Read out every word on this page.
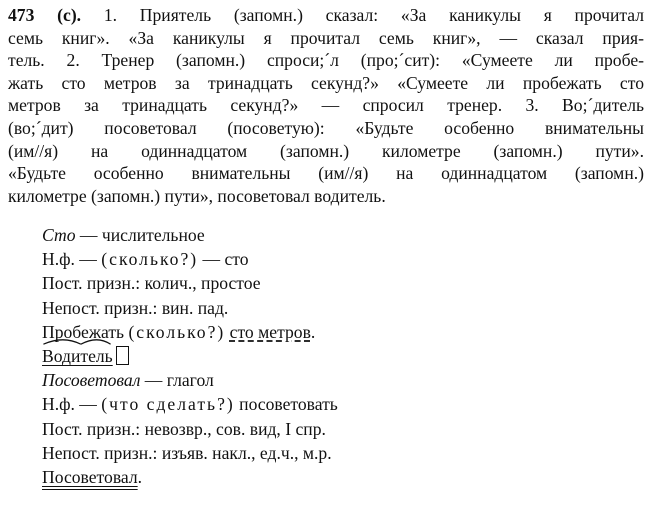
473 (с). 1. Приятель (запомн.) сказал: «За каникулы я прочитал
семь книг». «За каникулы я прочитал семь книг», — сказал прия-
тель. 2. Тренер (запомн.) спроси;´л (про;´сит): «Сумеете ли пробе-
жать сто метров за тринадцать секунд?» «Сумеете ли пробежать сто
метров за тринадцать секунд?» — спросил тренер. 3. Во;´дитель
(во;´дит) посоветовал (посоветую): «Будьте особенно внимательны
(им//я) на одиннадцатом (запомн.) километре (запомн.) пути».
«Будьте особенно внимательны (им//я) на одиннадцатом (запомн.)
километре (запомн.) пути», посоветовал водитель.
Сто — числительное
Н.ф. — (сколько?) — сто
Пост. призн.: колич., простое
Непост. призн.: вин. пад.
Пробежать (сколько?) сто метров.
Водитель
Посоветовал — глагол
Н.ф. — (что сделать?) посоветовать
Пост. призн.: невозвр., сов. вид, I спр.
Непост. призн.: изъяв. накл., ед.ч., м.р.
Посоветовал.
